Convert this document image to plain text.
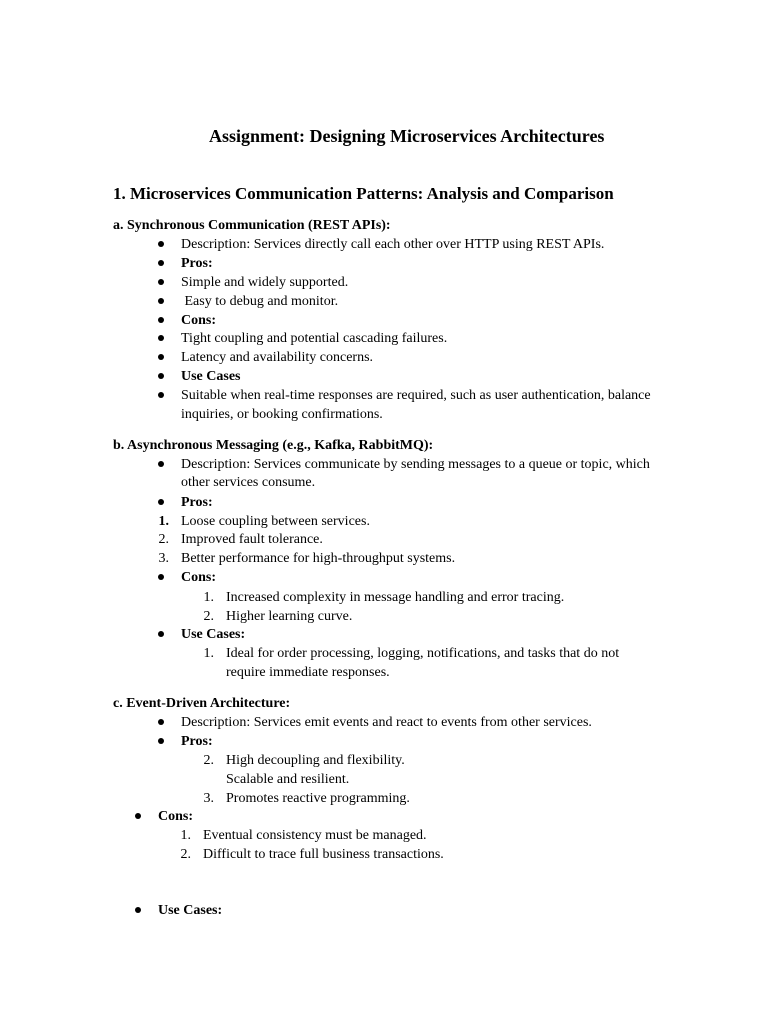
Assignment: Designing Microservices Architectures
1. Microservices Communication Patterns: Analysis and Comparison
a. Synchronous Communication (REST APIs):
Description: Services directly call each other over HTTP using REST APIs.
Pros:
Simple and widely supported.
Easy to debug and monitor.
Cons:
Tight coupling and potential cascading failures.
Latency and availability concerns.
Use Cases
Suitable when real-time responses are required, such as user authentication, balance
inquiries, or booking confirmations.
b. Asynchronous Messaging (e.g., Kafka, RabbitMQ):
Description: Services communicate by sending messages to a queue or topic, which
other services consume.
Pros:
1. Loose coupling between services.
2. Improved fault tolerance.
3. Better performance for high-throughput systems.
Cons:
1. Increased complexity in message handling and error tracing.
2. Higher learning curve.
Use Cases:
1. Ideal for order processing, logging, notifications, and tasks that do not
require immediate responses.
c. Event-Driven Architecture:
Description: Services emit events and react to events from other services.
Pros:
2. High decoupling and flexibility.
Scalable and resilient.
3. Promotes reactive programming.
Cons:
1. Eventual consistency must be managed.
2. Difficult to trace full business transactions.
Use Cases:
